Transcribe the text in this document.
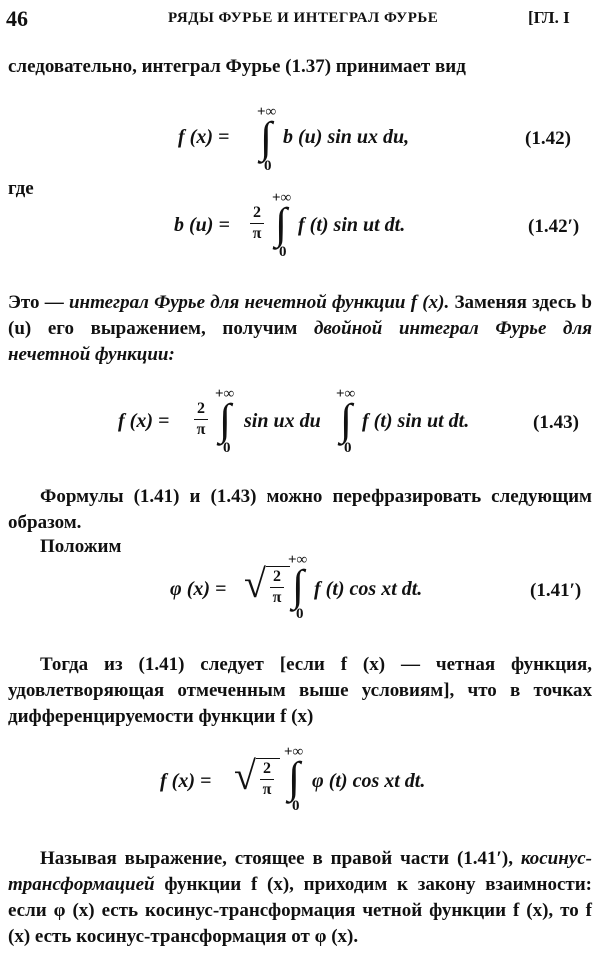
46	РЯДЫ ФУРЬЕ И ИНТЕГРАЛ ФУРЬЕ	[ГЛ. I
следовательно, интеграл Фурье (1.37) принимает вид
f (x) =
+∞
∫
0
b (u) sin ux du,	(1.42)
где
b (u) =
2
π
+∞
∫
0
f (t) sin ut dt.	(1.42′)
Это — интеграл Фурье для нечетной функции f (x). Заменяя здесь b (u) его выражением, получим двойной интеграл Фурье для нечетной функции:
f (x) =
2
π
+∞
∫
0
sin ux du
+∞
∫
0
f (t) sin ut dt.	(1.43)
Формулы (1.41) и (1.43) можно перефразировать следующим образом.
Положим
φ (x) = √ 2
π
+∞
∫
0
f (t) cos xt dt.	(1.41′)
Тогда из (1.41) следует [если f (x) — четная функция, удовлетворяющая отмеченным выше условиям], что в точках дифференцируемости функции f (x)
f (x) = √ 2
π
+∞
∫
0
φ (t) cos xt dt.
Называя выражение, стоящее в правой части (1.41′), косинус-трансформацией функции f (x), приходим к закону взаимности: если φ (x) есть косинус-трансформация четной функции f (x), то f (x) есть косинус-трансформация от φ (x).
